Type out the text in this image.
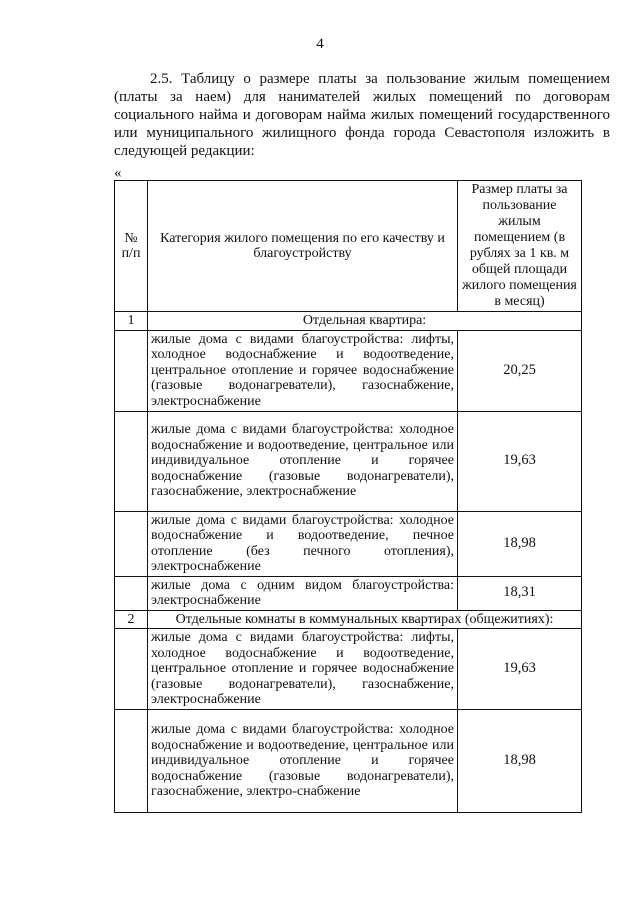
4

2.5. Таблицу о размере платы за пользование жилым помещением (платы за наем) для нанимателей жилых помещений по договорам социального найма и договорам найма жилых помещений государственного или муниципального жилищного фонда города Севастополя изложить в следующей редакции:

«
№ п/п	Категория жилого помещения по его качеству и благоустройству	Размер платы за пользование жилым помещением (в рублях за 1 кв. м общей площади жилого помещения в месяц)
1	Отдельная квартира:	
	жилые дома с видами благоустройства: лифты, холодное водоснабжение и водоотведение, центральное отопление и горячее водоснабжение (газовые водонагреватели), газоснабжение, электроснабжение	20,25
	жилые дома с видами благоустройства: холодное водоснабжение и водоотведение, центральное или индивидуальное отопление и горячее водоснабжение (газовые водонагреватели), газоснабжение, электроснабжение	19,63
	жилые дома с видами благоустройства: холодное водоснабжение и водоотведение, печное отопление (без печного отопления), электроснабжение	18,98
	жилые дома с одним видом благоустройства: электроснабжение	18,31
2	Отдельные комнаты в коммунальных квартирах (общежитиях):	
	жилые дома с видами благоустройства: лифты, холодное водоснабжение и водоотведение, центральное отопление и горячее водоснабжение (газовые водонагреватели), газоснабжение, электроснабжение	19,63
	жилые дома с видами благоустройства: холодное водоснабжение и водоотведение, центральное или индивидуальное отопление и горячее водоснабжение (газовые водонагреватели), газоснабжение, электро-снабжение	18,98
